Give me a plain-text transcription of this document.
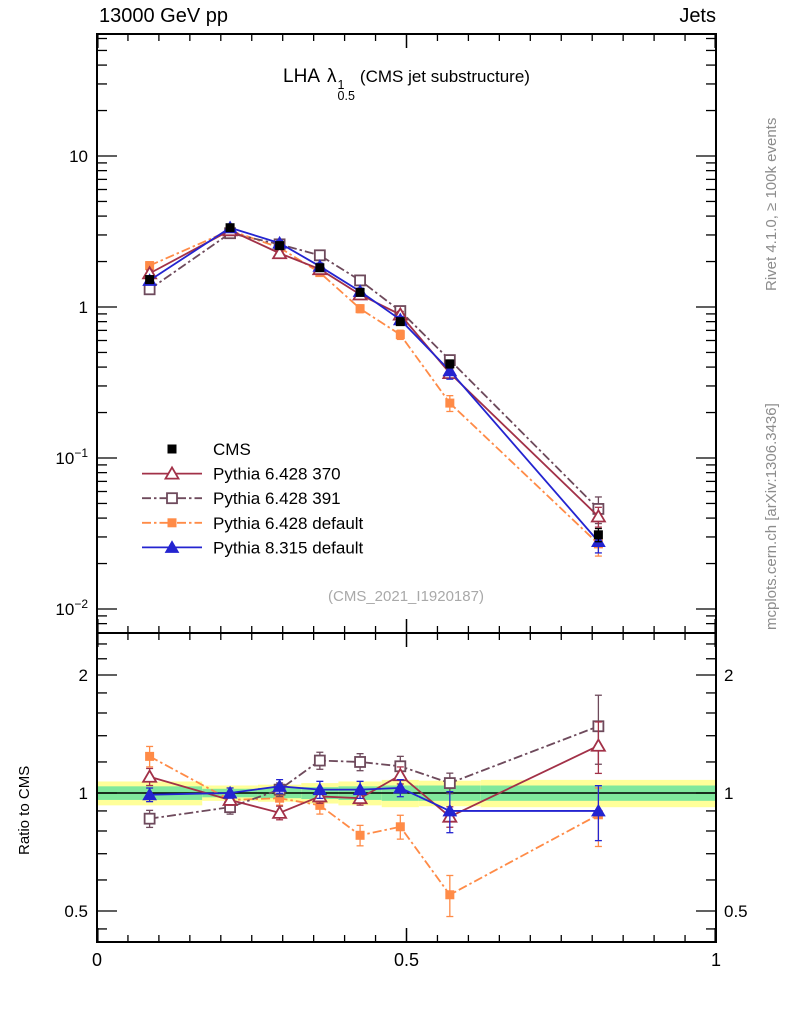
13000 GeV pp	Jets
10
1
$10^{-1}$
$10^{-2}$
2	2
1	1
0.5	0.5
0	0.5	1
CMS
Pythia 6.428 370
Pythia 6.428 391
Pythia 6.428 default
Pythia 8.315 default
LHA λ 1
0.5
(CMS jet substructure)
(CMS_2021_I1920187)
Rivet 4.1.0, ≥ 100k events
mcplots.cern.ch [arXiv:1306.3436]
Ratio to CMS
